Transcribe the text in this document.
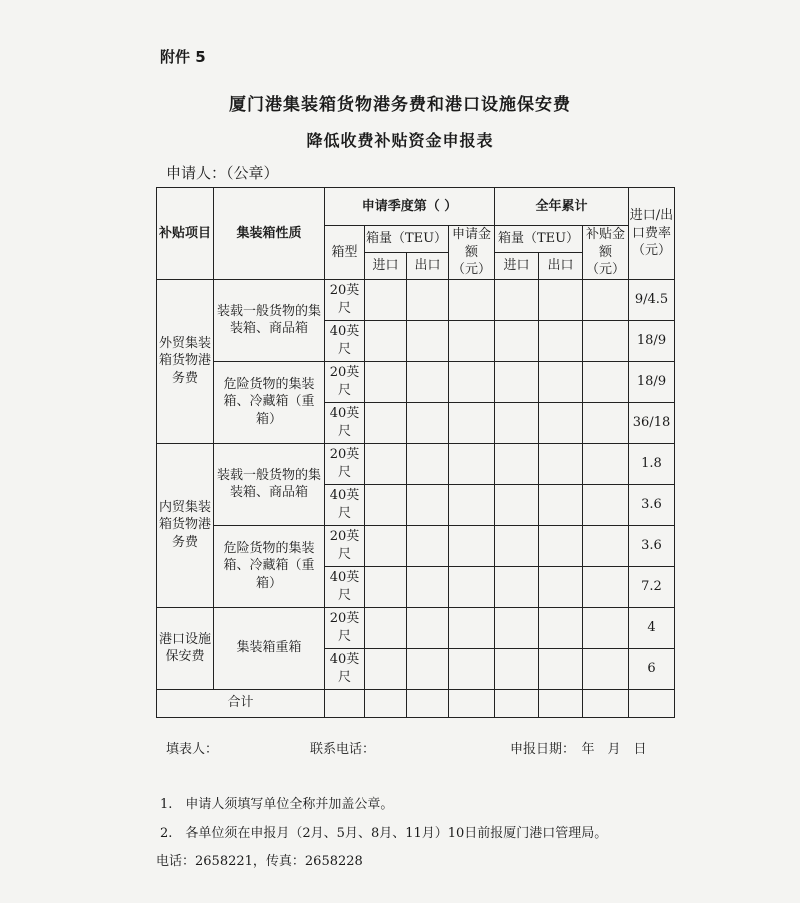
附件 5
厦门港集装箱货物港务费和港口设施保安费
降低收费补贴资金申报表
申请人：（公章）
补贴项目	集装箱性质	申请季度第（ ）				全年累计			进口/出口费率（元）
		箱型	箱量（TEU）		申请金额（元）	箱量（TEU）		补贴金额（元）	
			进口	出口		进口	出口		
外贸集装箱货物港务费	装载一般货物的集装箱、商品箱	20英尺							9/4.5
		40英尺							18/9
	危险货物的集装箱、冷藏箱（重箱）	20英尺							18/9
		40英尺							36/18
内贸集装箱货物港务费	装载一般货物的集装箱、商品箱	20英尺							1.8
		40英尺							3.6
	危险货物的集装箱、冷藏箱（重箱）	20英尺							3.6
		40英尺							7.2
港口设施保安费	集装箱重箱	20英尺							4
		40英尺							6
合计									
填表人：	联系电话：	申报日期：　年　月　日
1.　申请人须填写单位全称并加盖公章。
2.　各单位须在申报月（2月、5月、8月、11月）10日前报厦门港口管理局。
电话：2658221，传真：2658228
